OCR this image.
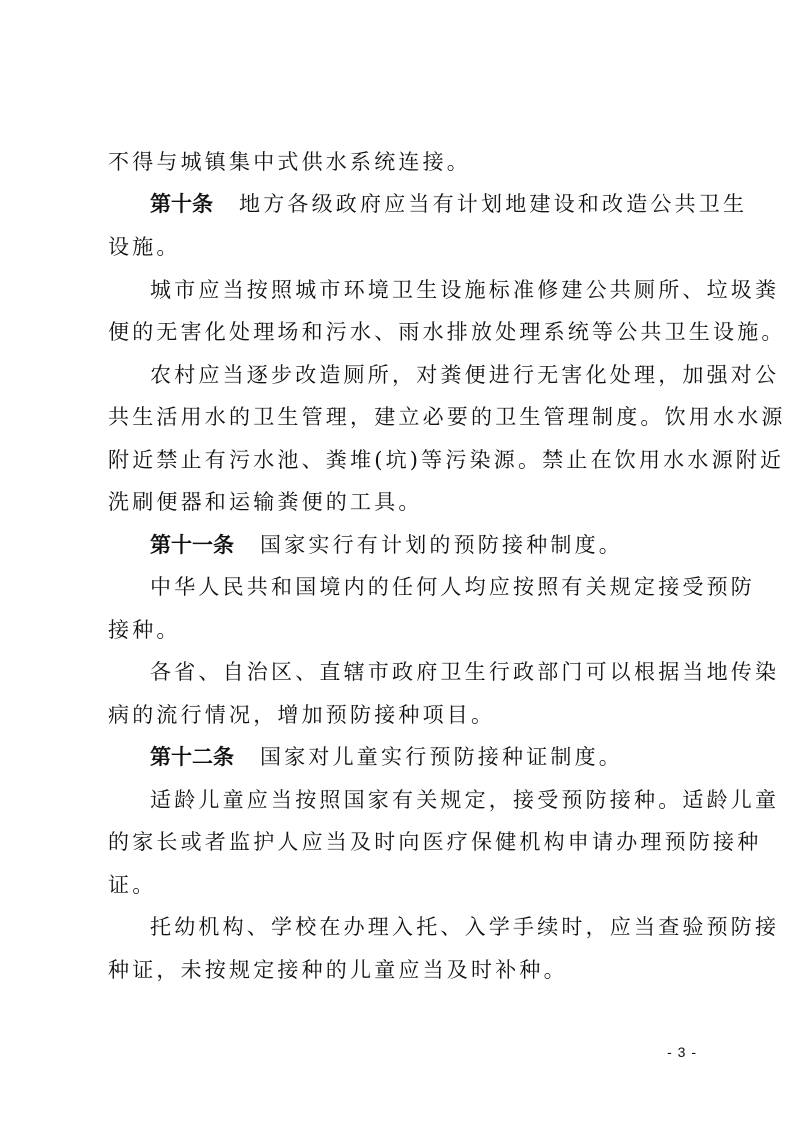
不得与城镇集中式供水系统连接。
第十条 地方各级政府应当有计划地建设和改造公共卫生
设施。
城市应当按照城市环境卫生设施标准修建公共厕所、垃圾粪
便的无害化处理场和污水、雨水排放处理系统等公共卫生设施。
农村应当逐步改造厕所，对粪便进行无害化处理，加强对公
共生活用水的卫生管理，建立必要的卫生管理制度。饮用水水源
附近禁止有污水池、粪堆(坑)等污染源。禁止在饮用水水源附近
洗刷便器和运输粪便的工具。
第十一条 国家实行有计划的预防接种制度。
中华人民共和国境内的任何人均应按照有关规定接受预防
接种。
各省、自治区、直辖市政府卫生行政部门可以根据当地传染
病的流行情况，增加预防接种项目。
第十二条 国家对儿童实行预防接种证制度。
适龄儿童应当按照国家有关规定，接受预防接种。适龄儿童
的家长或者监护人应当及时向医疗保健机构申请办理预防接种
证。
托幼机构、学校在办理入托、入学手续时，应当查验预防接
种证，未按规定接种的儿童应当及时补种。
- 3 -
